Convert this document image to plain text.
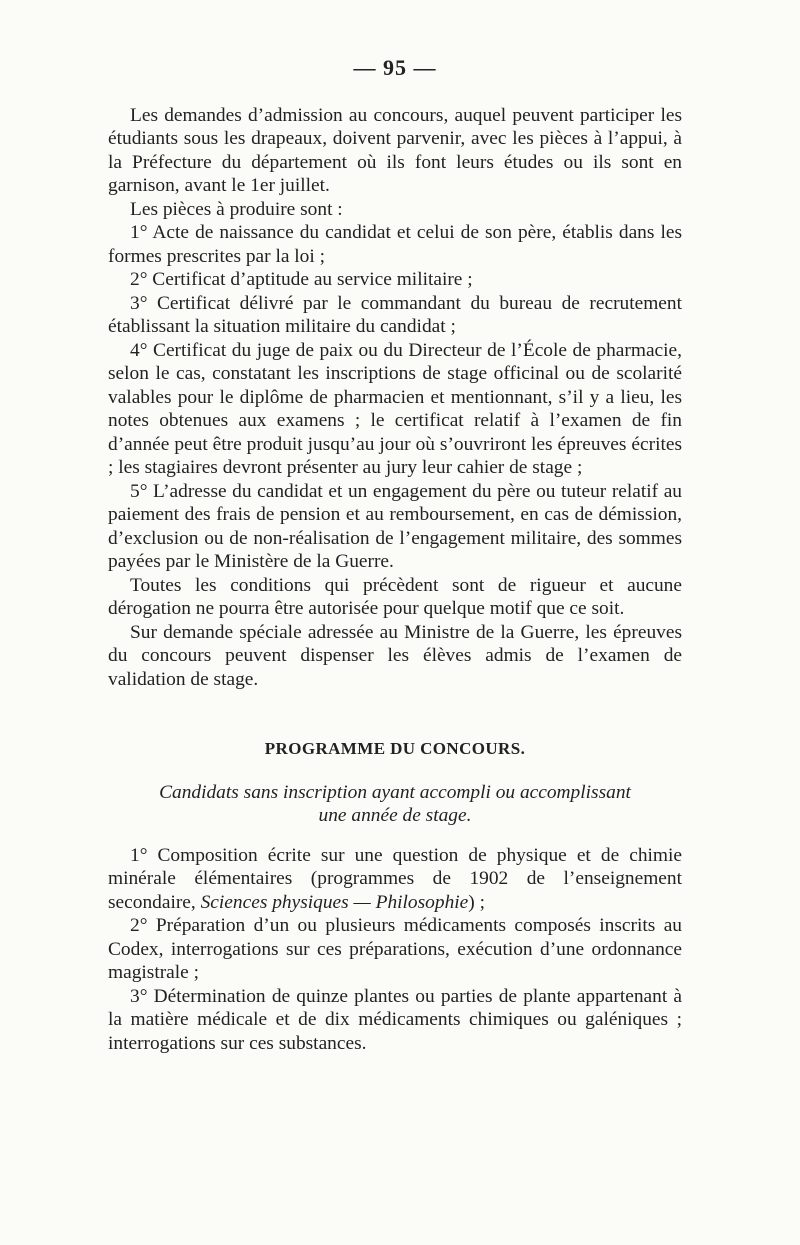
— 95 —

Les demandes d’admission au concours, auquel peuvent participer les étudiants sous les drapeaux, doivent parvenir, avec les pièces à l’appui, à la Préfecture du département où ils font leurs études ou ils sont en garnison, avant le 1er juillet.

Les pièces à produire sont :

1° Acte de naissance du candidat et celui de son père, établis dans les formes prescrites par la loi ;

2° Certificat d’aptitude au service militaire ;

3° Certificat délivré par le commandant du bureau de recrutement établissant la situation militaire du candidat ;

4° Certificat du juge de paix ou du Directeur de l’École de pharmacie, selon le cas, constatant les inscriptions de stage officinal ou de scolarité valables pour le diplôme de pharmacien et mentionnant, s’il y a lieu, les notes obtenues aux examens ; le certificat relatif à l’examen de fin d’année peut être produit jusqu’au jour où s’ouvriront les épreuves écrites ; les stagiaires devront présenter au jury leur cahier de stage ;

5° L’adresse du candidat et un engagement du père ou tuteur relatif au paiement des frais de pension et au remboursement, en cas de démission, d’exclusion ou de non-réalisation de l’engagement militaire, des sommes payées par le Ministère de la Guerre.

Toutes les conditions qui précèdent sont de rigueur et aucune dérogation ne pourra être autorisée pour quelque motif que ce soit.

Sur demande spéciale adressée au Ministre de la Guerre, les épreuves du concours peuvent dispenser les élèves admis de l’examen de validation de stage.

PROGRAMME DU CONCOURS.
Candidats sans inscription ayant accompli ou accomplissant
une année de stage.

1° Composition écrite sur une question de physique et de chimie minérale élémentaires (programmes de 1902 de l’enseignement secondaire, Sciences physiques — Philosophie) ;

2° Préparation d’un ou plusieurs médicaments composés inscrits au Codex, interrogations sur ces préparations, exécution d’une ordonnance magistrale ;

3° Détermination de quinze plantes ou parties de plante appartenant à la matière médicale et de dix médicaments chimiques ou galéniques ; interrogations sur ces substances.
